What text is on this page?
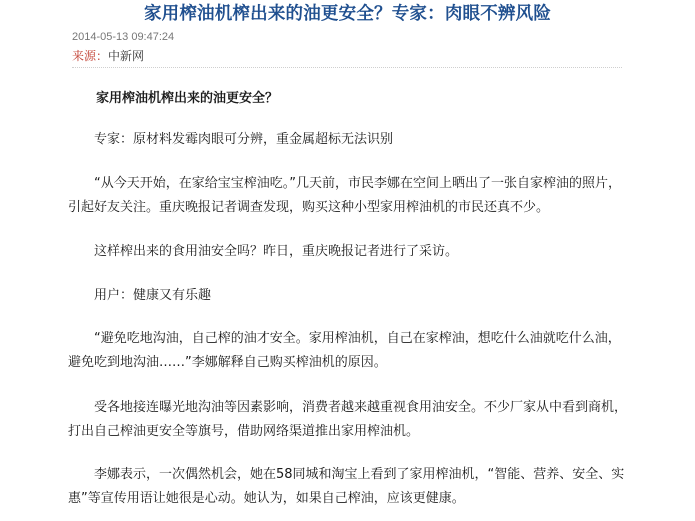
家用榨油机榨出来的油更安全？专家：肉眼不辨风险
2014-05-13 09:47:24
来源：中新网

家用榨油机榨出来的油更安全？

专家：原材料发霉肉眼可分辨，重金属超标无法识别

“从今天开始，在家给宝宝榨油吃。”几天前，市民李娜在空间上晒出了一张自家榨油的照片，引起好友关注。重庆晚报记者调查发现，购买这种小型家用榨油机的市民还真不少。

这样榨出来的食用油安全吗？昨日，重庆晚报记者进行了采访。

用户：健康又有乐趣

“避免吃地沟油，自己榨的油才安全。家用榨油机，自己在家榨油，想吃什么油就吃什么油，避免吃到地沟油……”李娜解释自己购买榨油机的原因。

受各地接连曝光地沟油等因素影响，消费者越来越重视食用油安全。不少厂家从中看到商机，打出自己榨油更安全等旗号，借助网络渠道推出家用榨油机。

李娜表示，一次偶然机会，她在58同城和淘宝上看到了家用榨油机，“智能、营养、安全、实惠”等宣传用语让她很是心动。她认为，如果自己榨油，应该更健康。
